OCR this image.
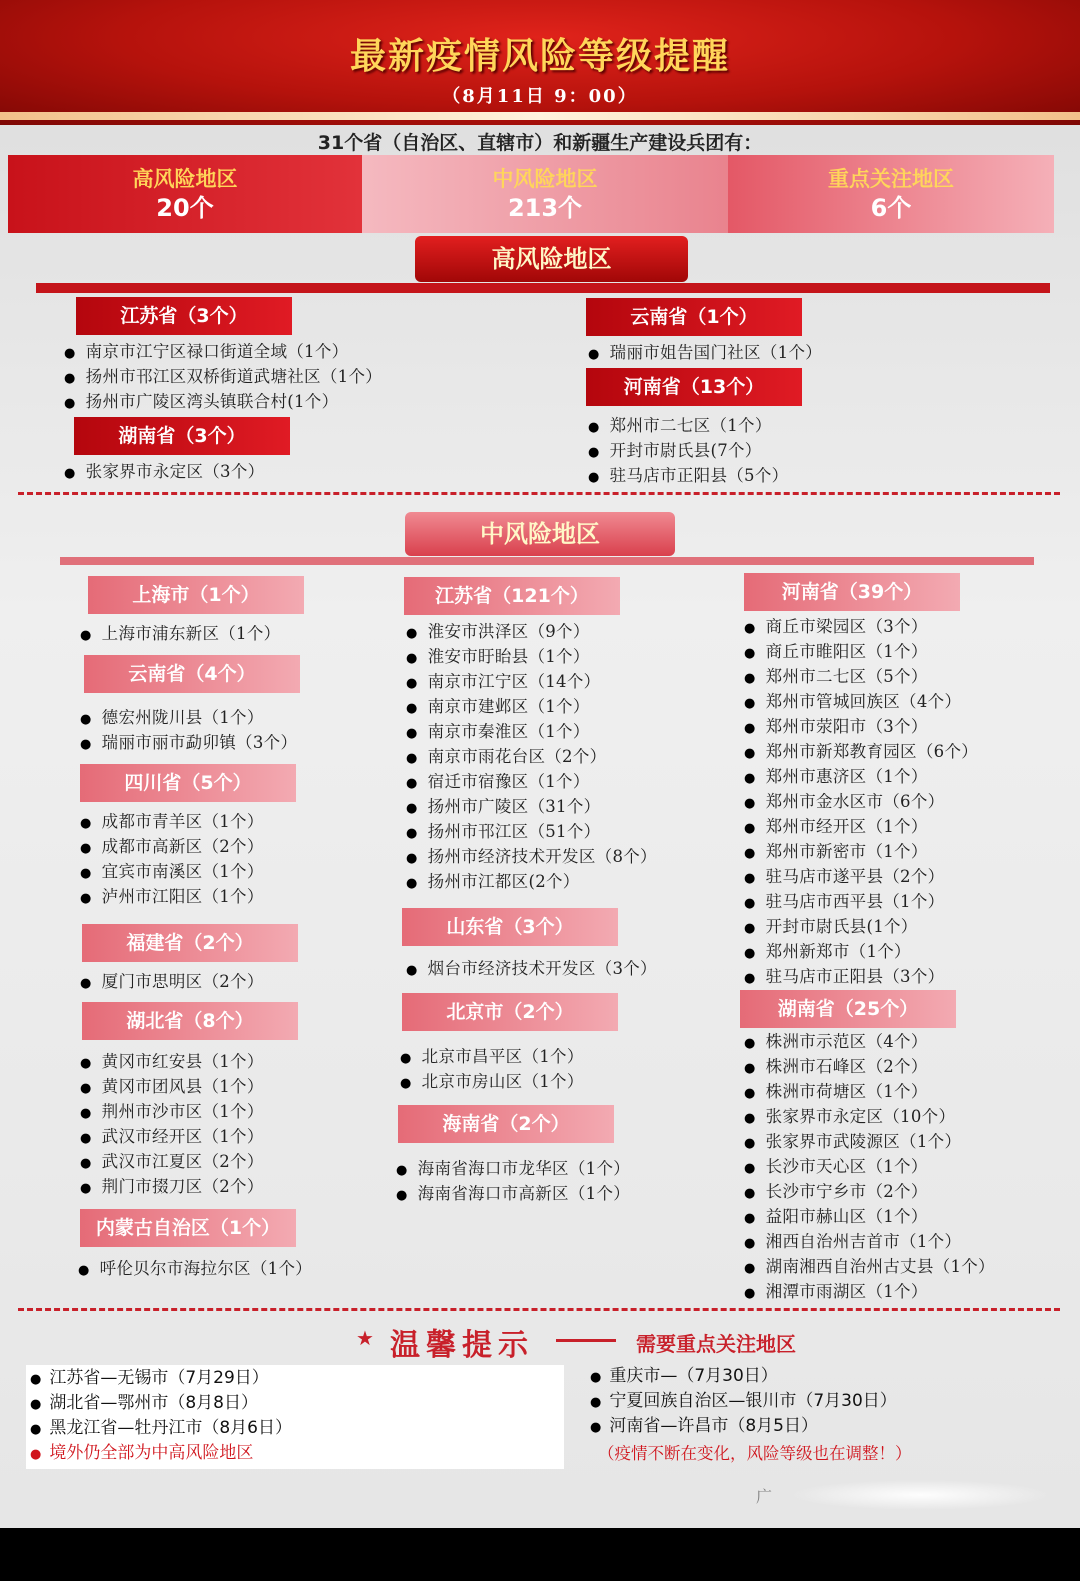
最新疫情风险等级提醒
（8月11日 9：00）
31个省（自治区、直辖市）和新疆生产建设兵团有：
高风险地区
20个
中风险地区
213个
重点关注地区
6个
高风险地区
江苏省（3个）
● 南京市江宁区禄口街道全域（1个）
● 扬州市邗江区双桥街道武塘社区（1个）
● 扬州市广陵区湾头镇联合村(1个）
湖南省（3个）
● 张家界市永定区（3个）
云南省（1个）
● 瑞丽市姐告国门社区（1个）
河南省（13个）
● 郑州市二七区（1个）
● 开封市尉氏县(7个）
● 驻马店市正阳县（5个）
中风险地区
上海市（1个）
● 上海市浦东新区（1个）
云南省（4个）
● 德宏州陇川县（1个）
● 瑞丽市丽市勐卯镇（3个）
四川省（5个）
● 成都市青羊区（1个）
● 成都市高新区（2个）
● 宜宾市南溪区（1个）
● 泸州市江阳区（1个）
福建省（2个）
● 厦门市思明区（2个）
湖北省（8个）
● 黄冈市红安县（1个）
● 黄冈市团风县（1个）
● 荆州市沙市区（1个）
● 武汉市经开区（1个）
● 武汉市江夏区（2个）
● 荆门市掇刀区（2个）
内蒙古自治区（1个）
● 呼伦贝尔市海拉尔区（1个）
江苏省（121个）
● 淮安市洪泽区（9个）
● 淮安市盱眙县（1个）
● 南京市江宁区（14个）
● 南京市建邺区（1个）
● 南京市秦淮区（1个）
● 南京市雨花台区（2个）
● 宿迁市宿豫区（1个）
● 扬州市广陵区（31个）
● 扬州市邗江区（51个）
● 扬州市经济技术开发区（8个）
● 扬州市江都区(2个）
山东省（3个）
● 烟台市经济技术开发区（3个）
北京市（2个）
● 北京市昌平区（1个）
● 北京市房山区（1个）
海南省（2个）
● 海南省海口市龙华区（1个）
● 海南省海口市高新区（1个）
河南省（39个）
● 商丘市梁园区（3个）
● 商丘市睢阳区（1个）
● 郑州市二七区（5个）
● 郑州市管城回族区（4个）
● 郑州市荥阳市（3个）
● 郑州市新郑教育园区（6个）
● 郑州市惠济区（1个）
● 郑州市金水区市（6个）
● 郑州市经开区（1个）
● 郑州市新密市（1个）
● 驻马店市遂平县（2个）
● 驻马店市西平县（1个）
● 开封市尉氏县(1个）
● 郑州新郑市（1个）
● 驻马店市正阳县（3个）
湖南省（25个）
● 株洲市示范区（4个）
● 株洲市石峰区（2个）
● 株洲市荷塘区（1个）
● 张家界市永定区（10个）
● 张家界市武陵源区（1个）
● 长沙市天心区（1个）
● 长沙市宁乡市（2个）
● 益阳市赫山区（1个）
● 湘西自治州吉首市（1个）
● 湖南湘西自治州古丈县（1个）
● 湘潭市雨湖区（1个）
★ 温馨提示	需要重点关注地区
● 江苏省—无锡市（7月29日）
● 湖北省—鄂州市（8月8日）
● 黑龙江省—牡丹江市（8月6日）
● 境外仍全部为中高风险地区
● 重庆市—（7月30日）
● 宁夏回族自治区—银川市（7月30日）
● 河南省—许昌市（8月5日）
（疫情不断在变化，风险等级也在调整！）
广
